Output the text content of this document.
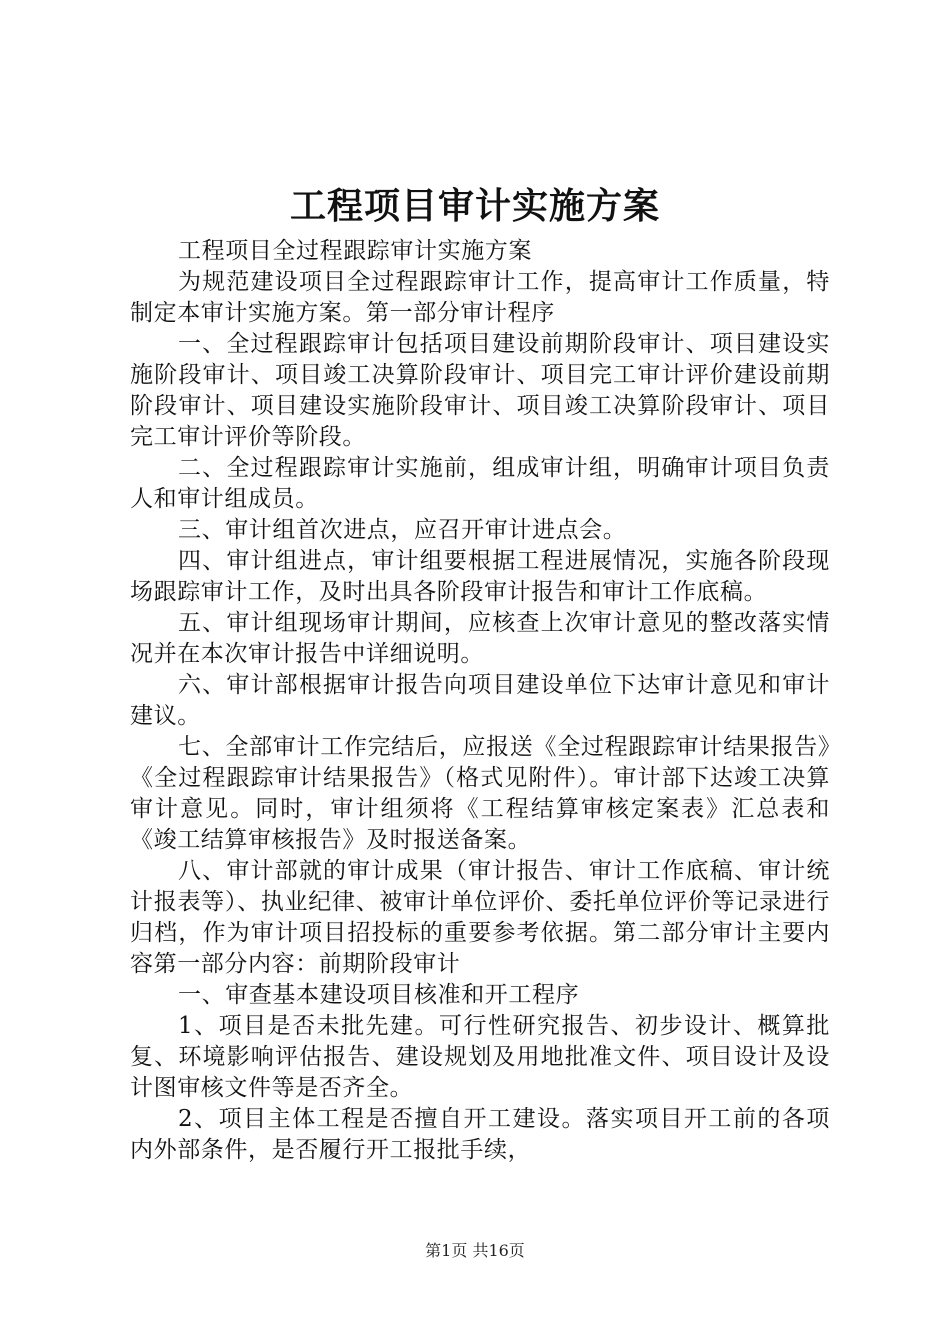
工程项目审计实施方案

工程项目全过程跟踪审计实施方案

为规范建设项目全过程跟踪审计工作，提高审计工作质量，特制定本审计实施方案。第一部分审计程序

一、全过程跟踪审计包括项目建设前期阶段审计、项目建设实施阶段审计、项目竣工决算阶段审计、项目完工审计评价建设前期阶段审计、项目建设实施阶段审计、项目竣工决算阶段审计、项目完工审计评价等阶段。

二、全过程跟踪审计实施前，组成审计组，明确审计项目负责人和审计组成员。

三、审计组首次进点，应召开审计进点会。

四、审计组进点，审计组要根据工程进展情况，实施各阶段现场跟踪审计工作，及时出具各阶段审计报告和审计工作底稿。

五、审计组现场审计期间，应核查上次审计意见的整改落实情况并在本次审计报告中详细说明。

六、审计部根据审计报告向项目建设单位下达审计意见和审计建议。

七、全部审计工作完结后，应报送《全过程跟踪审计结果报告》《全过程跟踪审计结果报告》（格式见附件）。审计部下达竣工决算审计意见。同时，审计组须将《工程结算审核定案表》汇总表和《竣工结算审核报告》及时报送备案。

八、审计部就的审计成果（审计报告、审计工作底稿、审计统计报表等）、执业纪律、被审计单位评价、委托单位评价等记录进行归档，作为审计项目招投标的重要参考依据。第二部分审计主要内容第一部分内容：前期阶段审计

一、审查基本建设项目核准和开工程序

1、项目是否未批先建。可行性研究报告、初步设计、概算批复、环境影响评估报告、建设规划及用地批准文件、项目设计及设计图审核文件等是否齐全。

2、项目主体工程是否擅自开工建设。落实项目开工前的各项内外部条件，是否履行开工报批手续，

第1页 共16页
